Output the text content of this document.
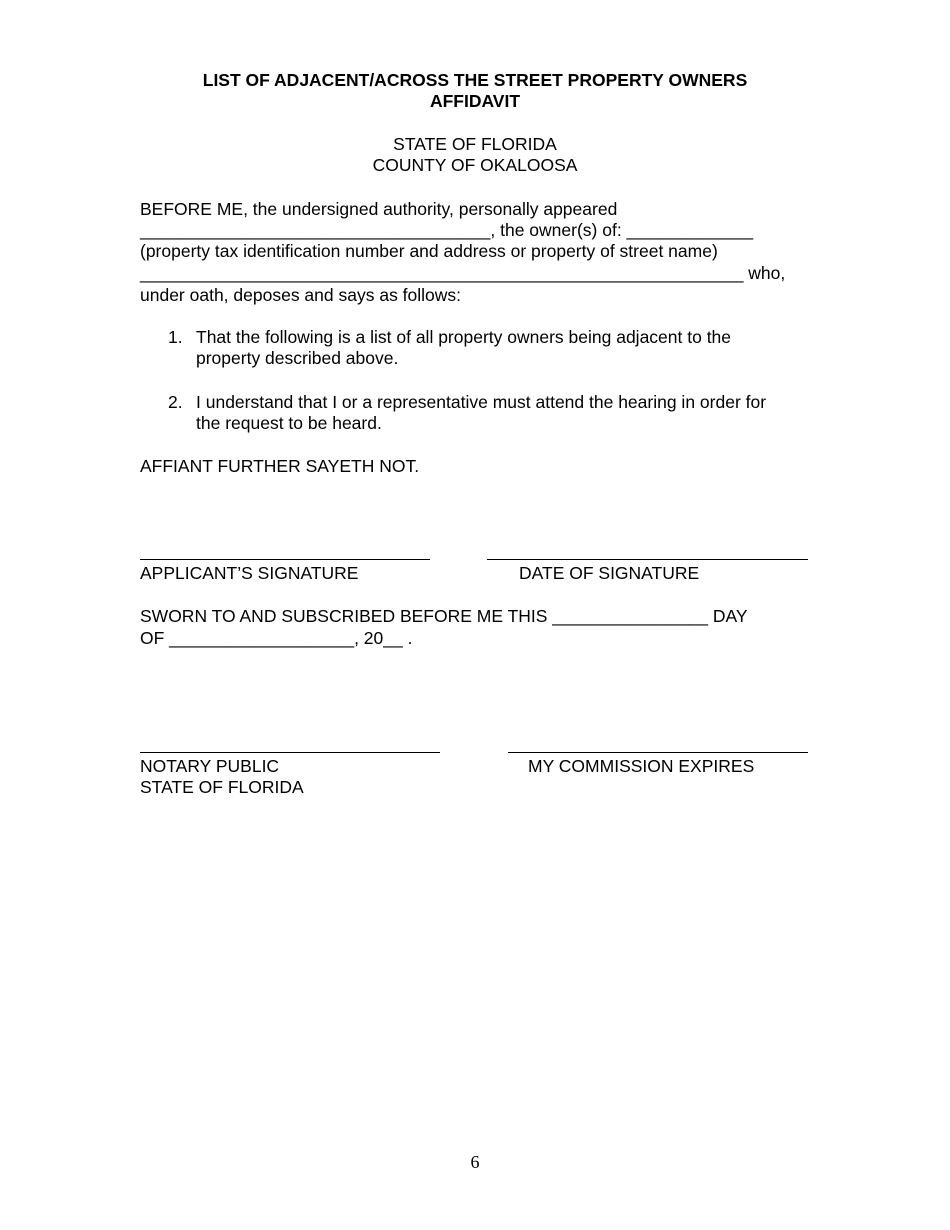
LIST OF ADJACENT/ACROSS THE STREET PROPERTY OWNERS
AFFIDAVIT
STATE OF FLORIDA
COUNTY OF OKALOOSA
BEFORE ME, the undersigned authority, personally appeared
____________________________________, the owner(s) of: _____________
(property tax identification number and address or property of street name)
______________________________________________________________ who,
under oath, deposes and says as follows:
1. That the following is a list of all property owners being adjacent to the
property described above.
2. I understand that I or a representative must attend the hearing in order for
the request to be heard.
AFFIANT FURTHER SAYETH NOT.
APPLICANT’S SIGNATURE	DATE OF SIGNATURE
SWORN TO AND SUBSCRIBED BEFORE ME THIS ________________ DAY
OF ___________________, 20__ .
NOTARY PUBLIC	MY COMMISSION EXPIRES
STATE OF FLORIDA
6
